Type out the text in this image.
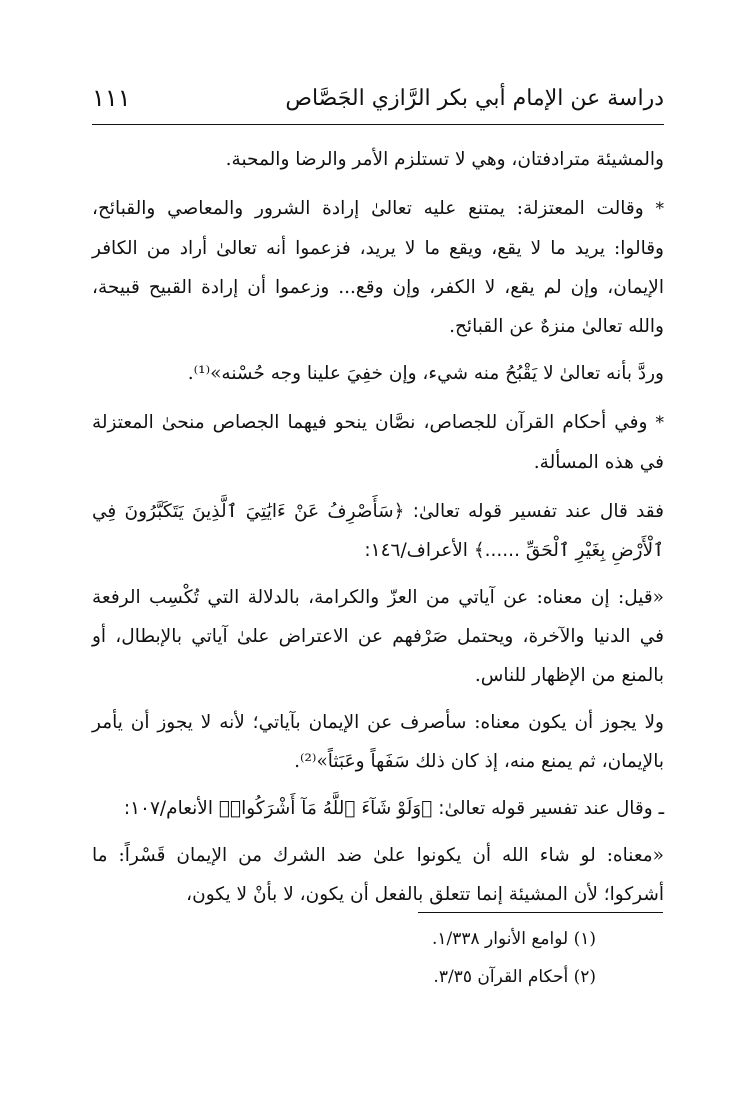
دراسة عن الإمام أبي بكر الرَّازي الجَصَّاص
١١١

والمشيئة مترادفتان، وهي لا تستلزم الأمر والرضا والمحبة.

* وقالت المعتزلة: يمتنع عليه تعالىٰ إرادة الشرور والمعاصي والقبائح، وقالوا: يريد ما لا يقع، ويقع ما لا يريد، فزعموا أنه تعالىٰ أراد من الكافر الإيمان، وإن لم يقع، لا الكفر، وإن وقع... وزعموا أن إرادة القبيح قبيحة، والله تعالىٰ منزهٌ عن القبائح.

وردَّ بأنه تعالىٰ لا يَقْبُحُ منه شيء، وإن خفِيَ علينا وجه حُسْنه»⁽¹⁾.

* وفي أحكام القرآن للجصاص، نصَّان ينحو فيهما الجصاص منحىٰ المعتزلة في هذه المسألة.

فقد قال عند تفسير قوله تعالىٰ: ﴿سَأَصْرِفُ عَنْ ءَايَٰتِيَ ٱلَّذِينَ يَتَكَبَّرُونَ فِي ٱلْأَرْضِ بِغَيْرِ ٱلْحَقِّ ......﴾ الأعراف/١٤٦:

«قيل: إن معناه: عن آياتي من العزّ والكرامة، بالدلالة التي تُكْسِب الرفعة في الدنيا والآخرة، ويحتمل صَرْفهم عن الاعتراض علىٰ آياتي بالإبطال، أو بالمنع من الإظهار للناس.

ولا يجوز أن يكون معناه: سأصرف عن الإيمان بآياتي؛ لأنه لا يجوز أن يأمر بالإيمان، ثم يمنع منه، إذ كان ذلك سَفَهاً وعَبَثاً»⁽²⁾.

ـ وقال عند تفسير قوله تعالىٰ: ﴿وَلَوْ شَآءَ ٱللَّهُ مَآ أَشْرَكُوا۟﴾ الأنعام/١٠٧:

«معناه: لو شاء الله أن يكونوا علىٰ ضد الشرك من الإيمان قَسْراً: ما أشركوا؛ لأن المشيئة إنما تتعلق بالفعل أن يكون، لا بأنْ لا يكون،

(١) لوامع الأنوار ١/٣٣٨.
(٢) أحكام القرآن ٣/٣٥.
